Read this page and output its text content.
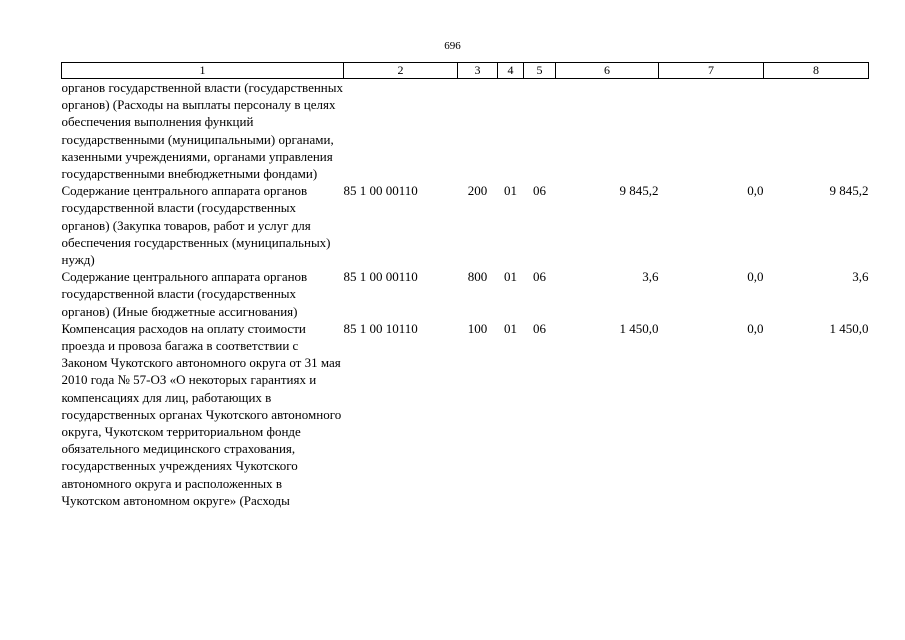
696
1	2	3	4	5	6	7	8
органов государственной власти (государственных органов) (Расходы на выплаты персоналу в целях обеспечения выполнения функций государственными (муниципальными) органами, казенными учреждениями, органами управления государственными внебюджетными фондами)							
Содержание центрального аппарата органов государственной власти (государственных органов) (Закупка товаров, работ и услуг для обеспечения государственных (муниципальных) нужд)	85 1 00 00110	200	01	06	9 845,2	0,0	9 845,2
Содержание центрального аппарата органов государственной власти (государственных органов) (Иные бюджетные ассигнования)	85 1 00 00110	800	01	06	3,6	0,0	3,6
Компенсация расходов на оплату стоимости проезда и провоза багажа в соответствии с Законом Чукотского автономного округа от 31 мая 2010 года № 57-ОЗ «О некоторых гарантиях и компенсациях для лиц, работающих в государственных органах Чукотского автономного округа, Чукотском территориальном фонде обязательного медицинского страхования, государственных учреждениях Чукотского автономного округа и расположенных в Чукотском автономном округе» (Расходы	85 1 00 10110	100	01	06	1 450,0	0,0	1 450,0
